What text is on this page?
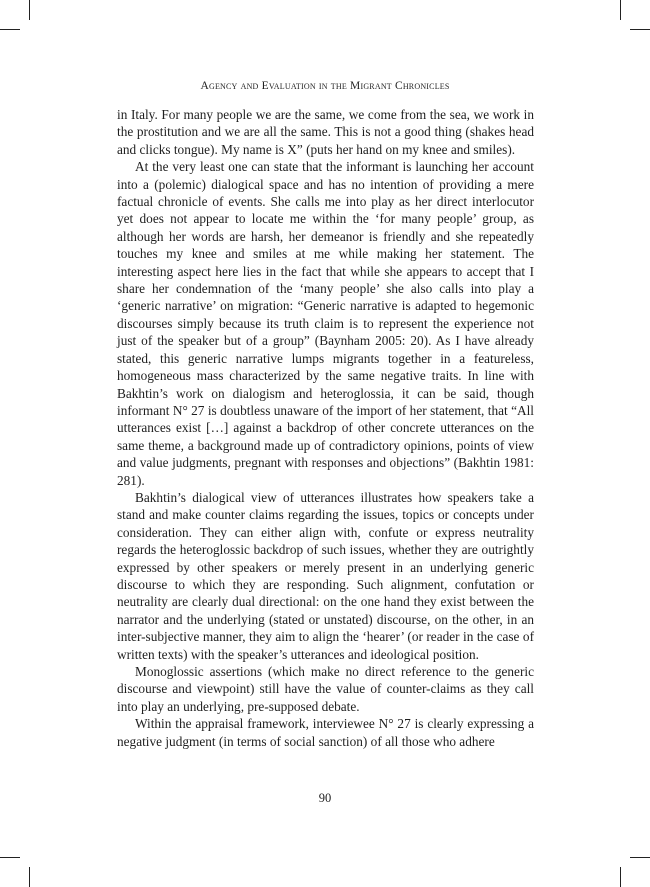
Agency and Evaluation in the Migrant Chronicles

in Italy. For many people we are the same, we come from the sea, we work in the prostitution and we are all the same. This is not a good thing (shakes head and clicks tongue). My name is X” (puts her hand on my knee and smiles).

At the very least one can state that the informant is launching her account into a (polemic) dialogical space and has no intention of providing a mere factual chronicle of events. She calls me into play as her direct interlocutor yet does not appear to locate me within the ‘for many people’ group, as although her words are harsh, her demeanor is friendly and she repeatedly touches my knee and smiles at me while making her statement. The interesting aspect here lies in the fact that while she appears to accept that I share her condemnation of the ‘many people’ she also calls into play a ‘generic narrative’ on migration: “Generic narrative is adapted to hegemonic discourses simply because its truth claim is to represent the experience not just of the speaker but of a group” (Baynham 2005: 20). As I have already stated, this generic narrative lumps migrants together in a featureless, homogeneous mass characterized by the same negative traits. In line with Bakhtin’s work on dialogism and heteroglossia, it can be said, though informant N° 27 is doubtless unaware of the import of her statement, that “All utterances exist […] against a backdrop of other concrete utterances on the same theme, a background made up of contradictory opinions, points of view and value judgments, pregnant with responses and objections” (Bakhtin 1981: 281).

Bakhtin’s dialogical view of utterances illustrates how speakers take a stand and make counter claims regarding the issues, topics or concepts under consideration. They can either align with, confute or express neutrality regards the heteroglossic backdrop of such issues, whether they are outrightly expressed by other speakers or merely present in an underlying generic discourse to which they are responding. Such alignment, confutation or neutrality are clearly dual directional: on the one hand they exist between the narrator and the underlying (stated or unstated) discourse, on the other, in an inter-subjective manner, they aim to align the ‘hearer’ (or reader in the case of written texts) with the speaker’s utterances and ideological position.

Monoglossic assertions (which make no direct reference to the generic discourse and viewpoint) still have the value of counter-claims as they call into play an underlying, pre-supposed debate.

Within the appraisal framework, interviewee N° 27 is clearly expressing a negative judgment (in terms of social sanction) of all those who adhere

90
